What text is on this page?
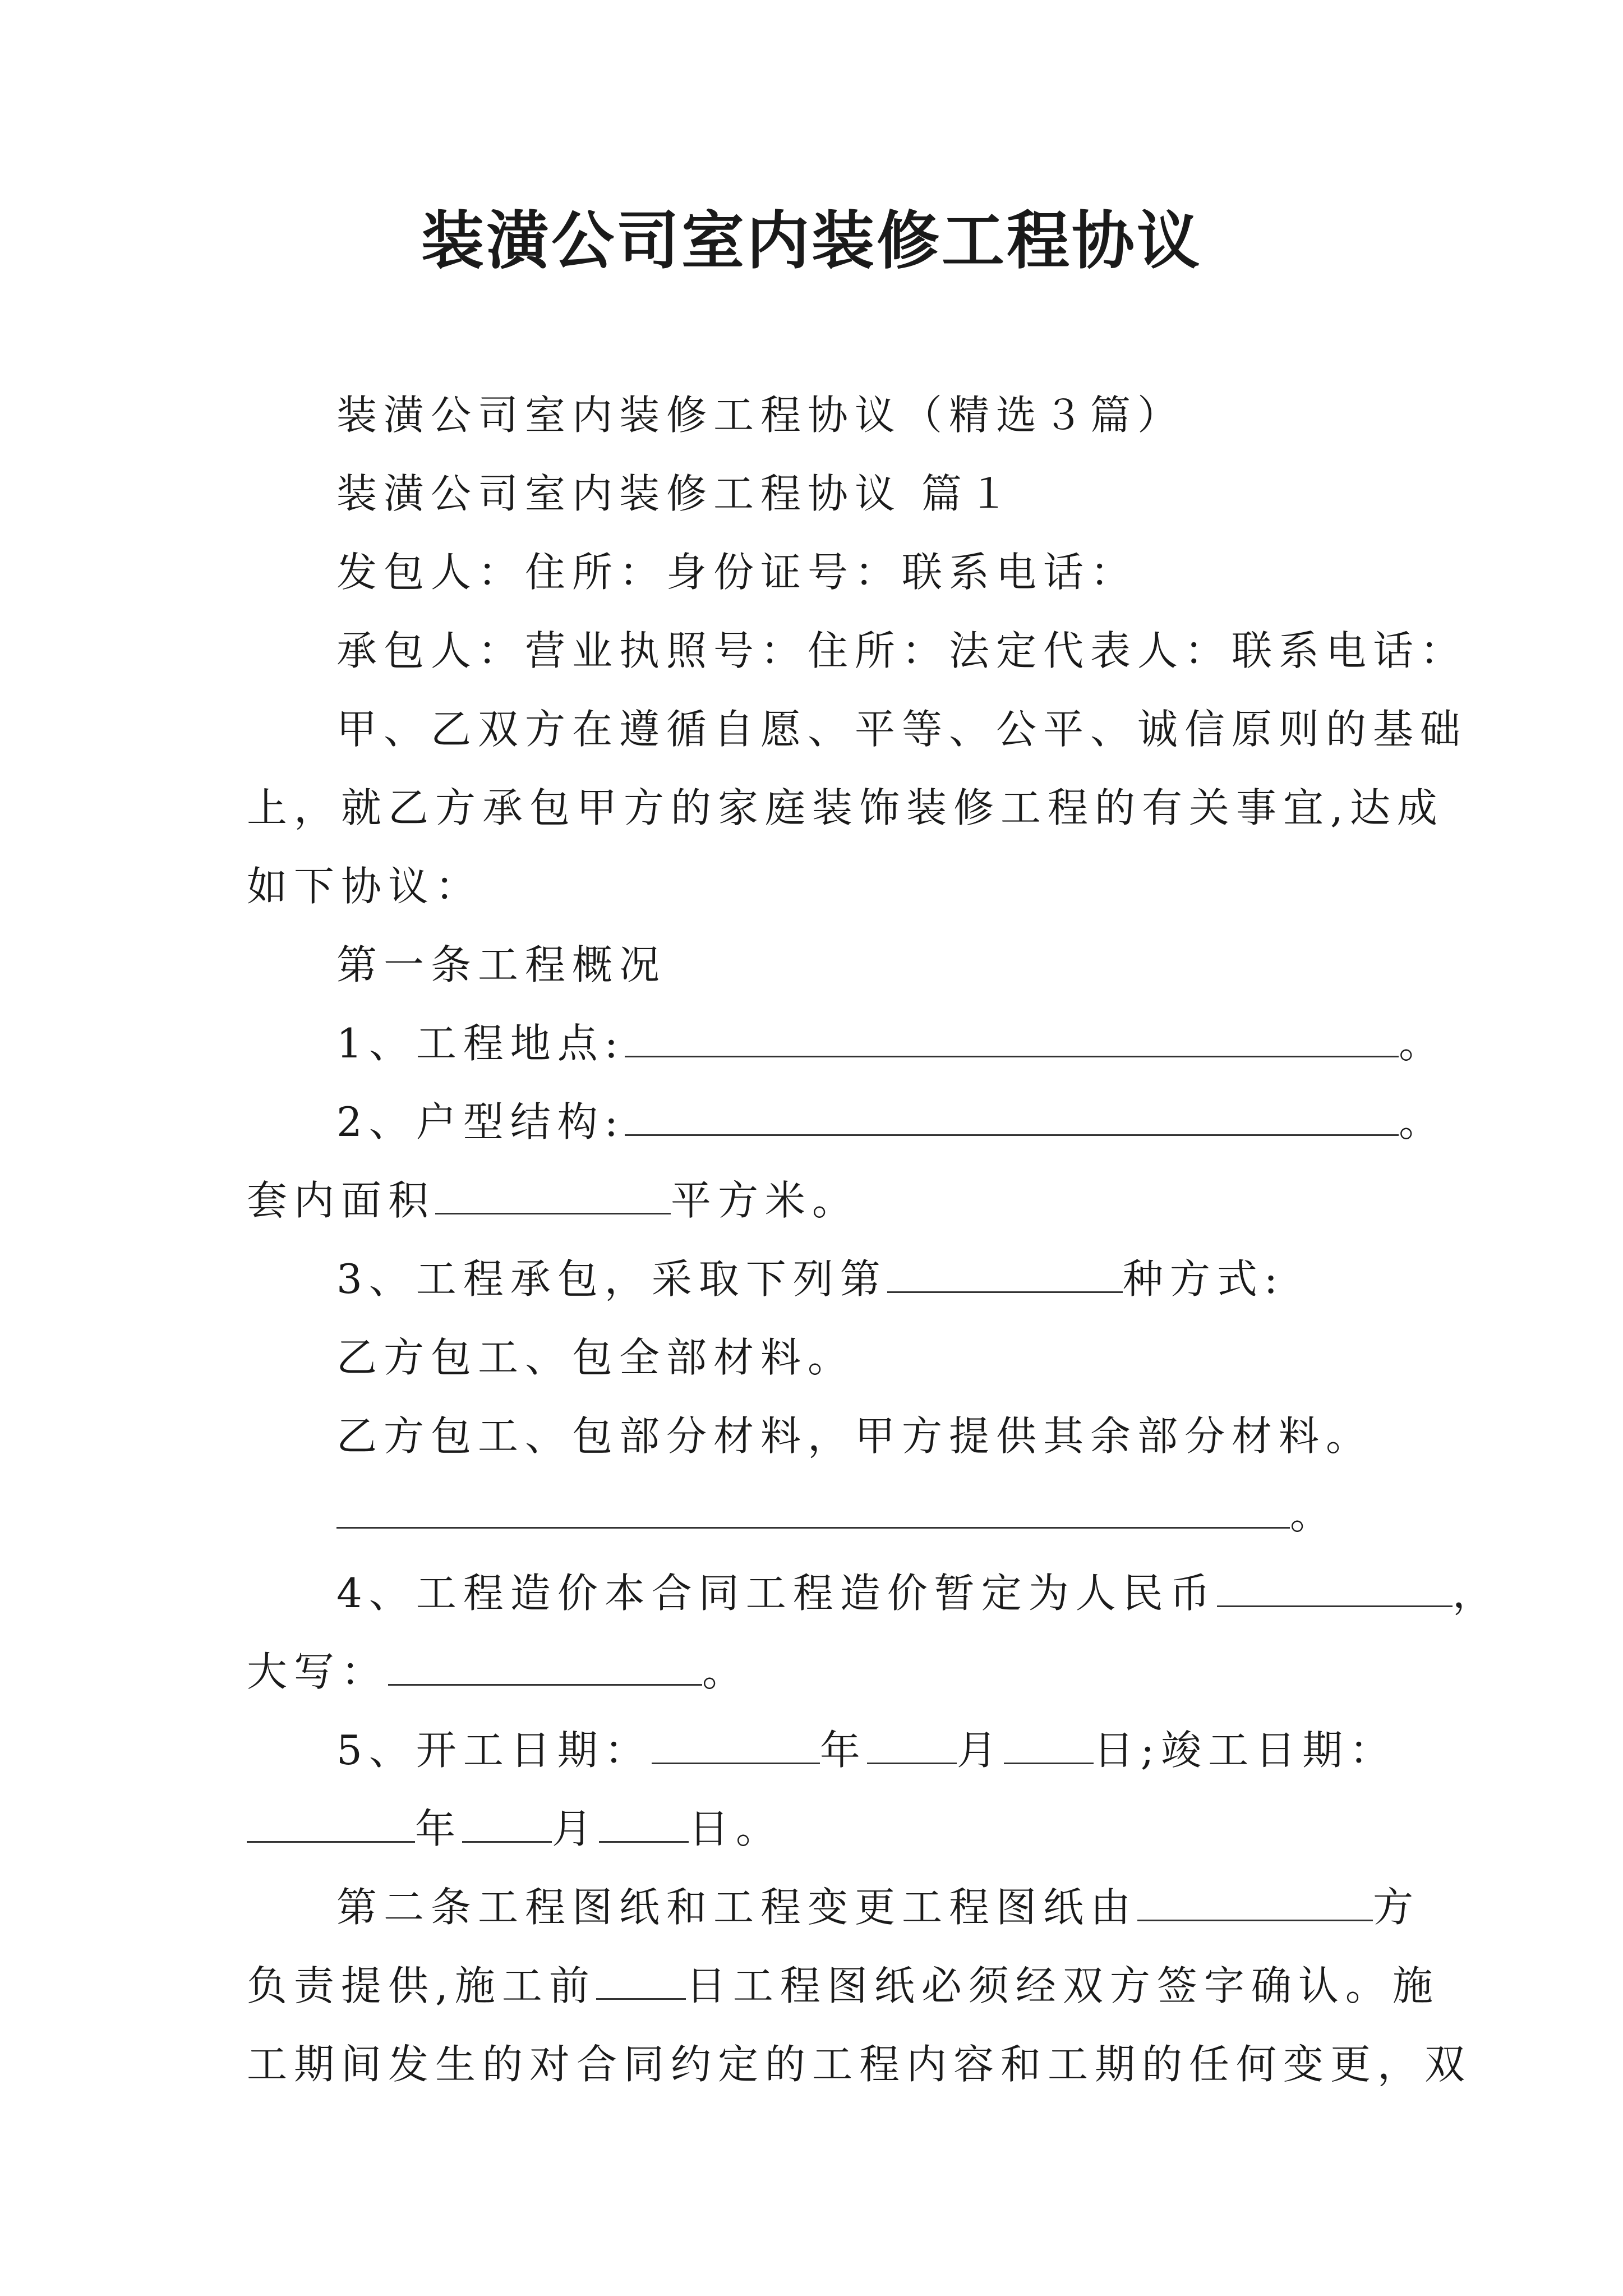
装潢公司室内装修工程协议
装潢公司室内装修工程协议（精选３篇）
装潢公司室内装修工程协议 篇１
发包人：住所：身份证号：联系电话：
承包人：营业执照号：住所：法定代表人：联系电话：
甲、乙双方在遵循自愿、平等、公平、诚信原则的基础
上，就乙方承包甲方的家庭装饰装修工程的有关事宜,达成
如下协议：
第一条工程概况
1、工程地点:	。
2、户型结构:	。
套内面积	平方米。
3、工程承包，采取下列第	种方式:
乙方包工、包全部材料。
乙方包工、包部分材料，甲方提供其余部分材料。
。
4、工程造价本合同工程造价暂定为人民币	，
大写：	。
5、开工日期：	年 月 日;竣工日期：
年 月 日。
第二条工程图纸和工程变更工程图纸由	方
负责提供,施工前 日工程图纸必须经双方签字确认。施
工期间发生的对合同约定的工程内容和工期的任何变更，双
